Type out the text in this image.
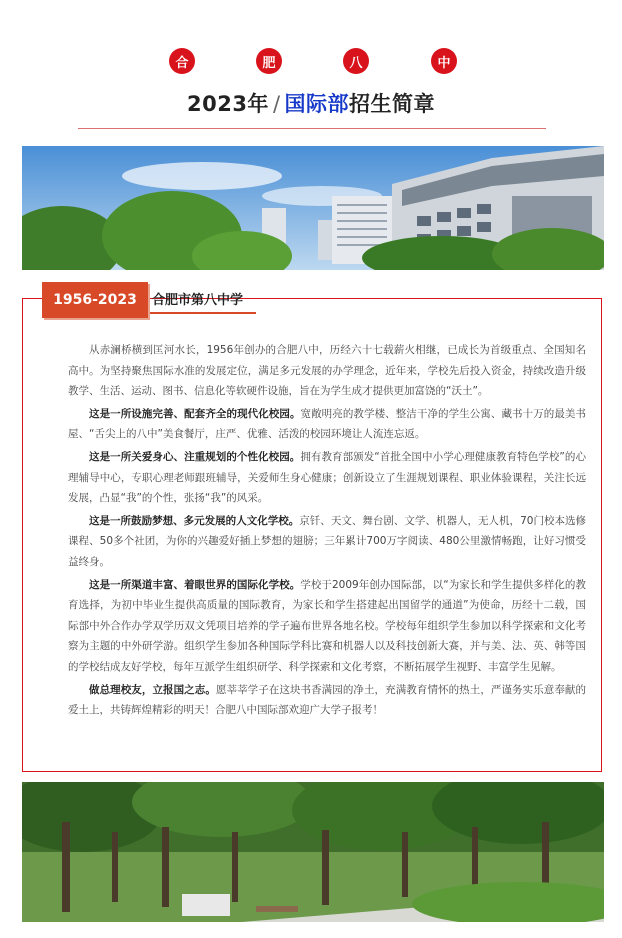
合	肥	八	中
2023年 / 国际部招生简章
1956-2023	合肥市第八中学

从赤澜桥横到匡河水长，1956年创办的合肥八中，历经六十七载薪火相继，已成长为首级重点、全国知名高中。为坚持聚焦国际水准的发展定位，满足多元发展的办学理念，近年来，学校先后投入资金，持续改造升级教学、生活、运动、图书、信息化等软硬件设施，旨在为学生成才提供更加富饶的“沃土”。

这是一所设施完善、配套齐全的现代化校园。宽敞明亮的教学楼、整洁干净的学生公寓、藏书十万的最美书屋、“舌尖上的八中”美食餐厅，庄严、优雅、活泼的校园环境让人流连忘返。

这是一所关爱身心、注重规划的个性化校园。拥有教育部颁发“首批全国中小学心理健康教育特色学校”的心理辅导中心，专职心理老师跟班辅导，关爱师生身心健康；创新设立了生涯规划课程、职业体验课程，关注长远发展，凸显“我”的个性，张扬“我”的风采。

这是一所鼓励梦想、多元发展的人文化学校。京钎、天文、舞台剧、文学、机器人，无人机，70门校本选修课程、50多个社团，为你的兴趣爱好插上梦想的翅膀；三年累计700万字阅读、480公里激情畅跑，让好习惯受益终身。

这是一所渠道丰富、着眼世界的国际化学校。学校于2009年创办国际部，以“为家长和学生提供多样化的教育选择，为初中毕业生提供高质量的国际教育，为家长和学生搭建起出国留学的通道”为使命，历经十二载，国际部中外合作办学双学历双文凭项目培养的学子遍布世界各地名校。学校每年组织学生参加以科学探索和文化考察为主题的中外研学游。组织学生参加各种国际学科比赛和机器人以及科技创新大赛，并与美、法、英、韩等国的学校结成友好学校，每年互派学生组织研学、科学探索和文化考察，不断拓展学生视野、丰富学生见解。

做总理校友，立报国之志。愿莘莘学子在这块书香满园的净土，充满教育情怀的热土，严谨务实乐意奉献的爱土上，共铸辉煌精彩的明天！合肥八中国际部欢迎广大学子报考！
